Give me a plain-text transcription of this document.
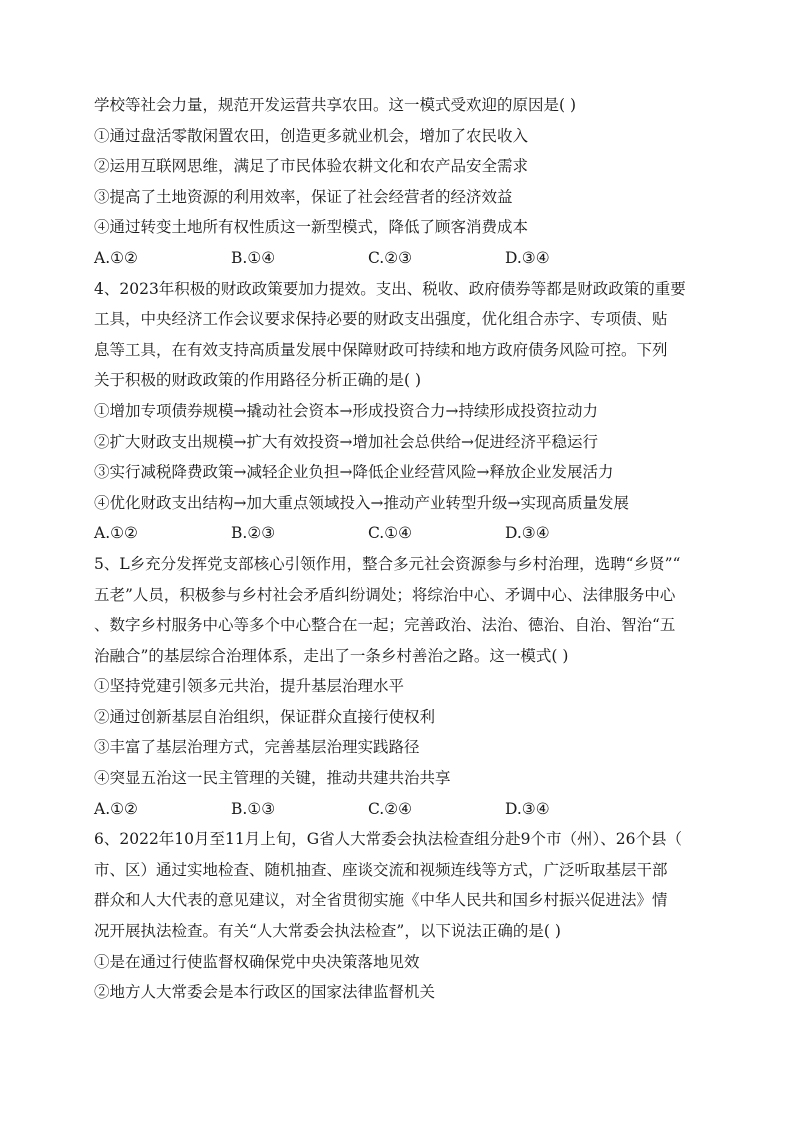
学校等社会力量，规范开发运营共享农田。这一模式受欢迎的原因是( )
①通过盘活零散闲置农田，创造更多就业机会，增加了农民收入
②运用互联网思维，满足了市民体验农耕文化和农产品安全需求
③提高了土地资源的利用效率，保证了社会经营者的经济效益
④通过转变土地所有权性质这一新型模式，降低了顾客消费成本
A.①②	B.①④	C.②③	D.③④
4、2023年积极的财政政策要加力提效。支出、税收、政府债券等都是财政政策的重要
工具，中央经济工作会议要求保持必要的财政支出强度，优化组合赤字、专项债、贴
息等工具，在有效支持高质量发展中保障财政可持续和地方政府债务风险可控。下列
关于积极的财政政策的作用路径分析正确的是( )
①增加专项债券规模→撬动社会资本→形成投资合力→持续形成投资拉动力
②扩大财政支出规模→扩大有效投资→增加社会总供给→促进经济平稳运行
③实行减税降费政策→减轻企业负担→降低企业经营风险→释放企业发展活力
④优化财政支出结构→加大重点领域投入→推动产业转型升级→实现高质量发展
A.①②	B.②③	C.①④	D.③④
5、L乡充分发挥党支部核心引领作用，整合多元社会资源参与乡村治理，选聘“乡贤”“
五老”人员，积极参与乡村社会矛盾纠纷调处；将综治中心、矛调中心、法律服务中心
、数字乡村服务中心等多个中心整合在一起；完善政治、法治、德治、自治、智治“五
治融合”的基层综合治理体系，走出了一条乡村善治之路。这一模式( )
①坚持党建引领多元共治，提升基层治理水平
②通过创新基层自治组织，保证群众直接行使权利
③丰富了基层治理方式，完善基层治理实践路径
④突显五治这一民主管理的关键，推动共建共治共享
A.①②	B.①③	C.②④	D.③④
6、2022年10月至11月上旬，G省人大常委会执法检查组分赴9个市（州）、26个县（
市、区）通过实地检查、随机抽查、座谈交流和视频连线等方式，广泛听取基层干部
群众和人大代表的意见建议，对全省贯彻实施《中华人民共和国乡村振兴促进法》情
况开展执法检查。有关“人大常委会执法检查”，以下说法正确的是( )
①是在通过行使监督权确保党中央决策落地见效
②地方人大常委会是本行政区的国家法律监督机关
